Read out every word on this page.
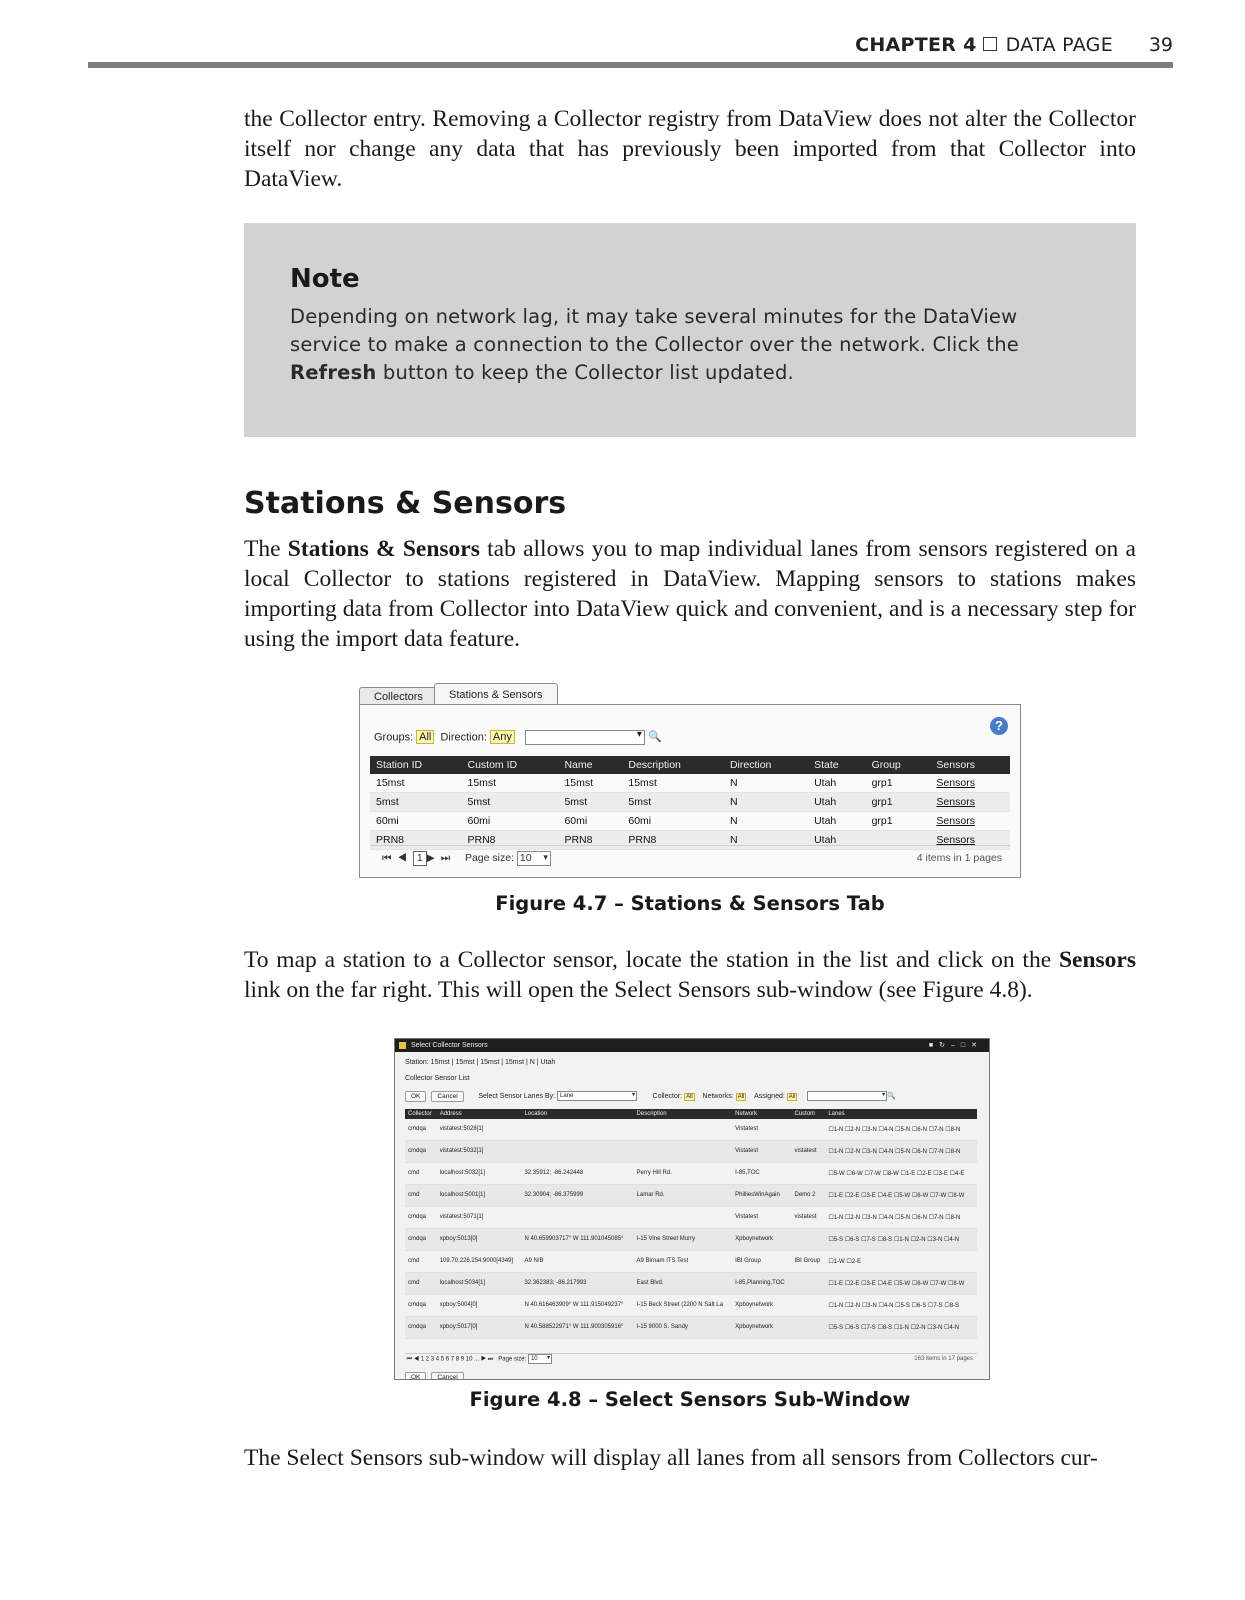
CHAPTER 4 DATA PAGE 39

the Collector entry. Removing a Collector registry from DataView does not alter the Collector itself nor change any data that has previously been imported from that Collector into DataView.

Note

Depending on network lag, it may take several minutes for the DataView service to make a connection to the Collector over the network. Click the Refresh button to keep the Collector list updated.

Stations & Sensors

The Stations & Sensors tab allows you to map individual lanes from sensors registered on a local Collector to stations registered in DataView. Mapping sensors to stations makes importing data from Collector into DataView quick and convenient, and is a necessary step for using the import data feature.

Collectors	Stations & Sensors
?
Groups: All Direction: Any ▾	🔍
Station ID	Custom ID	Name	Description	Direction	State	Group	Sensors
15mst	15mst	15mst	15mst	N	Utah	grp1	Sensors
5mst	5mst	5mst	5mst	N	Utah	grp1	Sensors
60mi	60mi	60mi	60mi	N	Utah	grp1	Sensors
PRN8	PRN8	PRN8	PRN8	N	Utah		Sensors
⏮◀ 1 ▶⏭ Page size: 10 ▾	4 items in 1 pages
Figure 4.7 – Stations & Sensors Tab

To map a station to a Collector sensor, locate the station in the list and click on the Sensors link on the far right. This will open the Select Sensors sub-window (see Figure 4.8).

Select Collector Sensors	■↻–□✕
Station: 15mst | 15mst | 15mst | 15mst | N | Utah
Collector Sensor List
OK	Cancel	Select Sensor Lanes By: Lane ▾	Collector: All Networks: All Assigned: All ▾	🔍
Collector	Address	Location	Description	Network	Custom	Lanes
cmdqa	vistatest:5028[1]			Vistatest		☐1-N ☐2-N ☐3-N ☐4-N ☐5-N ☐6-N ☐7-N ☐8-N
cmdqa	vistatest:5032[1]			Vistatest	vistatest	☐1-N ☐2-N ☐3-N ☐4-N ☐5-N ☐6-N ☐7-N ☐8-N
cmd	localhost:5032[1]	32.35912; -86.242448	Perry Hill Rd.	I-85,TOC		☐5-W ☐6-W ☐7-W ☐8-W ☐1-E ☐2-E ☐3-E ☐4-E
cmd	localhost:5001[1]	32.30904; -86.375999	Lamar Rd.	PhilliesWinAgain	Demo 2	☐1-E ☐2-E ☐3-E ☐4-E ☐5-W ☐6-W ☐7-W ☐8-W
cmdqa	vistatest:5071[1]			Vistatest	vistatest	☐1-N ☐2-N ☐3-N ☐4-N ☐5-N ☐6-N ☐7-N ☐8-N
cmdqa	xpboy:5013[0]	N 40.659903717° W 111.901045085°	I-15 Vine Street Murry	Xpboynetwork		☐5-S ☐6-S ☐7-S ☐8-S ☐1-N ☐2-N ☐3-N ☐4-N
cmd	109.70.226.254:9000[4349]	A9 N/B	A9 Birnam ITS Test	IBI Group	IBI Group	☐1-W ☐2-E
cmd	localhost:5034[1]	32.362383; -86.217993	East Blvd.	I-85,Planning,TOC		☐1-E ☐2-E ☐3-E ☐4-E ☐5-W ☐6-W ☐7-W ☐8-W
cmdqa	xpboy:5004[0]	N 40.616463909° W 111.915049237°	I-15 Beck Street (2200 N Salt La	Xpboynetwork		☐1-N ☐2-N ☐3-N ☐4-N ☐5-S ☐6-S ☐7-S ☐8-S
cmdqa	xpboy:5017[0]	N 40.588522971° W 111.900305916°	I-15 9000 S. Sandy	Xpboynetwork		☐5-S ☐6-S ☐7-S ☐8-S ☐1-N ☐2-N ☐3-N ☐4-N
⏮ ◀ 1 2 3 4 5 6 7 8 9 10 ... ▶ ⏭   Page size: 10 ▾	163 items in 17 pages
OK	Cancel
Figure 4.8 – Select Sensors Sub-Window

The Select Sensors sub-window will display all lanes from all sensors from Collectors cur-
